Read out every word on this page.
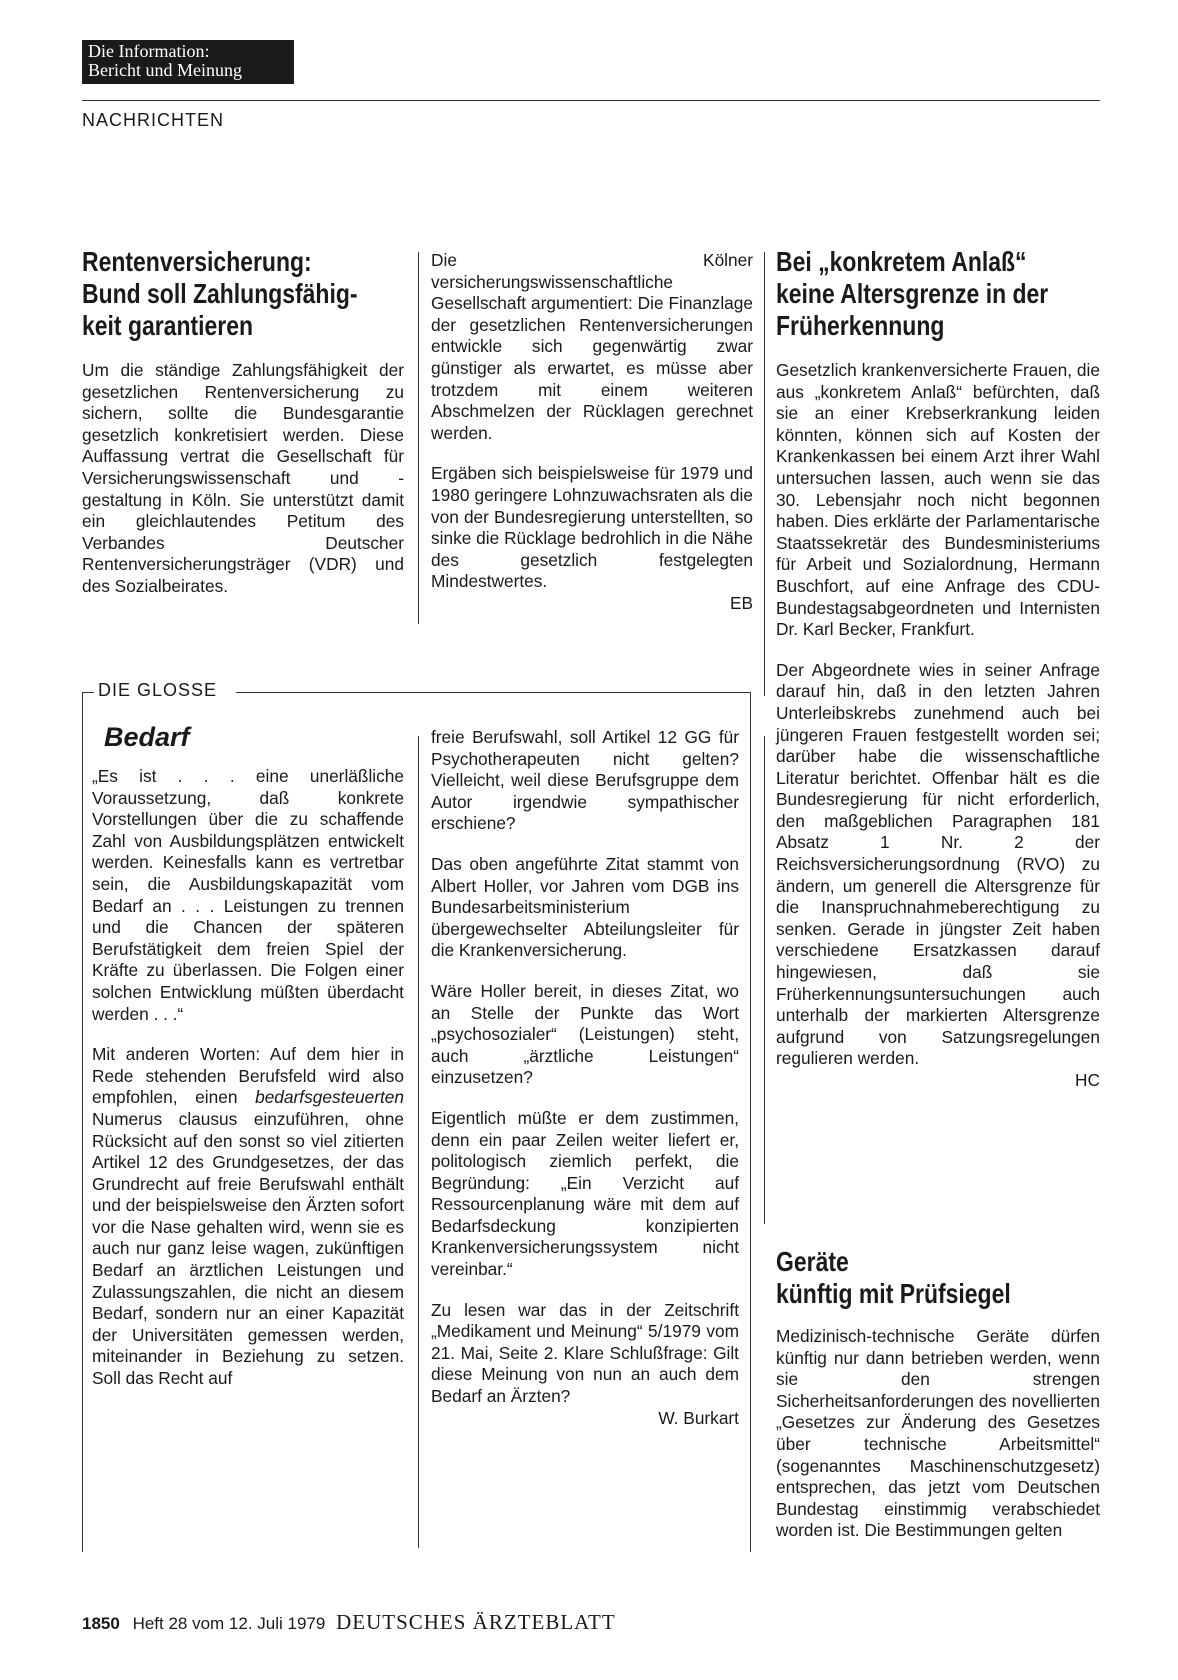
Die Information:
Bericht und Meinung
NACHRICHTEN
Rentenversicherung:
Bund soll Zahlungsfähig-
keit garantieren

Um die ständige Zahlungsfähigkeit der gesetzlichen Rentenversicherung zu sichern, sollte die Bundesgarantie gesetzlich konkretisiert werden. Diese Auffassung vertrat die Gesellschaft für Versicherungswissenschaft und -gestaltung in Köln. Sie unterstützt damit ein gleichlautendes Petitum des Verbandes Deutscher Rentenversicherungsträger (VDR) und des Sozialbeirates.

Die Kölner versicherungswissenschaftliche Gesellschaft argumentiert: Die Finanzlage der gesetzlichen Rentenversicherungen entwickle sich gegenwärtig zwar günstiger als erwartet, es müsse aber trotzdem mit einem weiteren Abschmelzen der Rücklagen gerechnet werden.

Ergäben sich beispielsweise für 1979 und 1980 geringere Lohnzuwachsraten als die von der Bundesregierung unterstellten, so sinke die Rücklage bedrohlich in die Nähe des gesetzlich festgelegten Mindestwertes.

EB
DIE GLOSSE
Bedarf

„Es ist . . . eine unerläßliche Voraussetzung, daß konkrete Vorstellungen über die zu schaffende Zahl von Ausbildungsplätzen entwickelt werden. Keinesfalls kann es vertretbar sein, die Ausbildungskapazität vom Bedarf an . . . Leistungen zu trennen und die Chancen der späteren Berufstätigkeit dem freien Spiel der Kräfte zu überlassen. Die Folgen einer solchen Entwicklung müßten überdacht werden . . .“

Mit anderen Worten: Auf dem hier in Rede stehenden Berufsfeld wird also empfohlen, einen bedarfsgesteuerten Numerus clausus einzuführen, ohne Rücksicht auf den sonst so viel zitierten Artikel 12 des Grundgesetzes, der das Grundrecht auf freie Berufswahl enthält und der beispielsweise den Ärzten sofort vor die Nase gehalten wird, wenn sie es auch nur ganz leise wagen, zukünftigen Bedarf an ärztlichen Leistungen und Zulassungszahlen, die nicht an diesem Bedarf, sondern nur an einer Kapazität der Universitäten gemessen werden, miteinander in Beziehung zu setzen. Soll das Recht auf

freie Berufswahl, soll Artikel 12 GG für Psychotherapeuten nicht gelten? Vielleicht, weil diese Berufsgruppe dem Autor irgendwie sympathischer erschiene?

Das oben angeführte Zitat stammt von Albert Holler, vor Jahren vom DGB ins Bundesarbeitsministerium übergewechselter Abteilungsleiter für die Krankenversicherung.

Wäre Holler bereit, in dieses Zitat, wo an Stelle der Punkte das Wort „psychosozialer“ (Leistungen) steht, auch „ärztliche Leistungen“ einzusetzen?

Eigentlich müßte er dem zustimmen, denn ein paar Zeilen weiter liefert er, politologisch ziemlich perfekt, die Begründung: „Ein Verzicht auf Ressourcenplanung wäre mit dem auf Bedarfsdeckung konzipierten Krankenversicherungssystem nicht vereinbar.“

Zu lesen war das in der Zeitschrift „Medikament und Meinung“ 5/1979 vom 21. Mai, Seite 2. Klare Schlußfrage: Gilt diese Meinung von nun an auch dem Bedarf an Ärzten?

W. Burkart
Bei „konkretem Anlaß“
keine Altersgrenze in der
Früherkennung

Gesetzlich krankenversicherte Frauen, die aus „konkretem Anlaß“ befürchten, daß sie an einer Krebserkrankung leiden könnten, können sich auf Kosten der Krankenkassen bei einem Arzt ihrer Wahl untersuchen lassen, auch wenn sie das 30. Lebensjahr noch nicht begonnen haben. Dies erklärte der Parlamentarische Staatssekretär des Bundesministeriums für Arbeit und Sozialordnung, Hermann Buschfort, auf eine Anfrage des CDU-Bundestagsabgeordneten und Internisten Dr. Karl Becker, Frankfurt.

Der Abgeordnete wies in seiner Anfrage darauf hin, daß in den letzten Jahren Unterleibskrebs zunehmend auch bei jüngeren Frauen festgestellt worden sei; darüber habe die wissenschaftliche Literatur berichtet. Offenbar hält es die Bundesregierung für nicht erforderlich, den maßgeblichen Paragraphen 181 Absatz 1 Nr. 2 der Reichsversicherungsordnung (RVO) zu ändern, um generell die Altersgrenze für die Inanspruchnahmeberechtigung zu senken. Gerade in jüngster Zeit haben verschiedene Ersatzkassen darauf hingewiesen, daß sie Früherkennungsuntersuchungen auch unterhalb der markierten Altersgrenze aufgrund von Satzungsregelungen regulieren werden.

HC
Geräte
künftig mit Prüfsiegel

Medizinisch-technische Geräte dürfen künftig nur dann betrieben werden, wenn sie den strengen Sicherheitsanforderungen des novellierten „Gesetzes zur Änderung des Gesetzes über technische Arbeitsmittel“ (sogenanntes Maschinenschutzgesetz) entsprechen, das jetzt vom Deutschen Bundestag einstimmig verabschiedet worden ist. Die Bestimmungen gelten

1850 Heft 28 vom 12. Juli 1979 DEUTSCHES ÄRZTEBLATT
